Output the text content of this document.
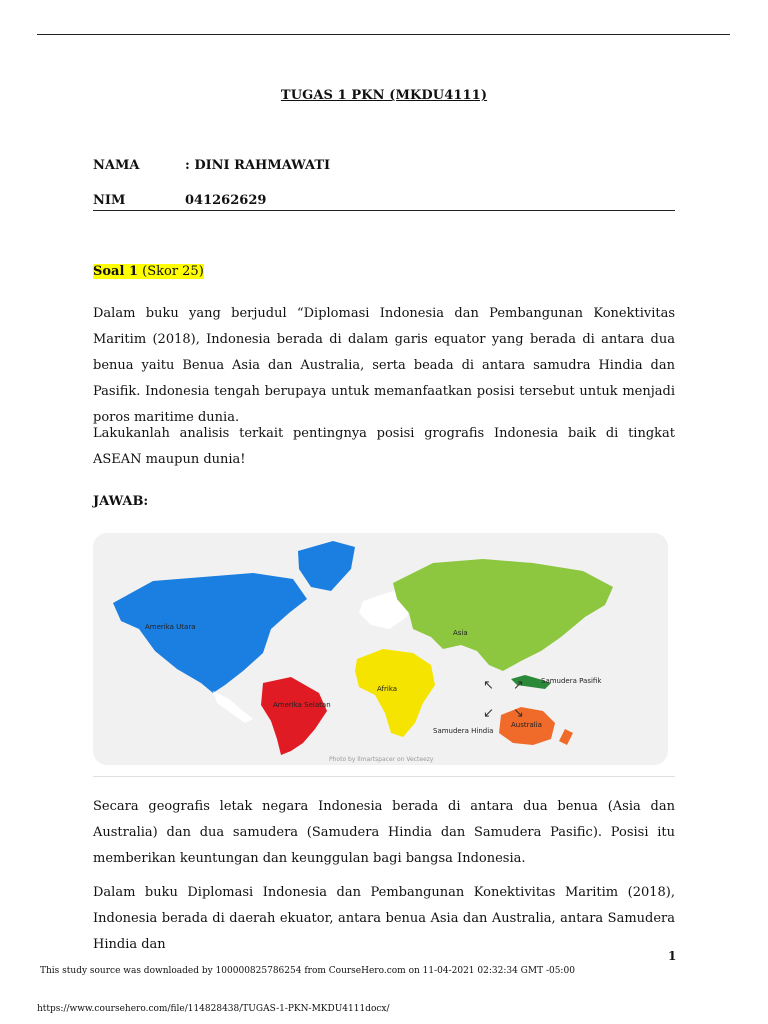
TUGAS 1 PKN (MKDU4111)
NAMA	: DINI RAHMAWATI
NIM	041262629
Soal 1 (Skor 25)
Dalam buku yang berjudul “Diplomasi Indonesia dan Pembangunan Konektivitas Maritim (2018), Indonesia berada di dalam garis equator yang berada di antara dua benua yaitu Benua Asia dan Australia, serta beada di antara samudra Hindia dan Pasifik. Indonesia tengah berupaya untuk memanfaatkan posisi tersebut untuk menjadi poros maritime dunia.
Lakukanlah analisis terkait pentingnya posisi grografis Indonesia baik di tingkat ASEAN maupun dunia!
JAWAB:
↖ ↗
↙ ↘
Amerika Utara
Amerika Selatan
Afrika
Asia
Australia
Samudera Hindia
Samudera Pasifik
Photo by Ilmartspacer on Vecteezy
Secara geografis letak negara Indonesia berada di antara dua benua (Asia dan Australia) dan dua samudera (Samudera Hindia dan Samudera Pasific). Posisi itu memberikan keuntungan dan keunggulan bagi bangsa Indonesia.
Dalam buku Diplomasi Indonesia dan Pembangunan Konektivitas Maritim (2018), Indonesia berada di daerah ekuator, antara benua Asia dan Australia, antara Samudera Hindia dan
1
This study source was downloaded by 100000825786254 from CourseHero.com on 11-04-2021 02:32:34 GMT -05:00
https://www.coursehero.com/file/114828438/TUGAS-1-PKN-MKDU4111docx/
